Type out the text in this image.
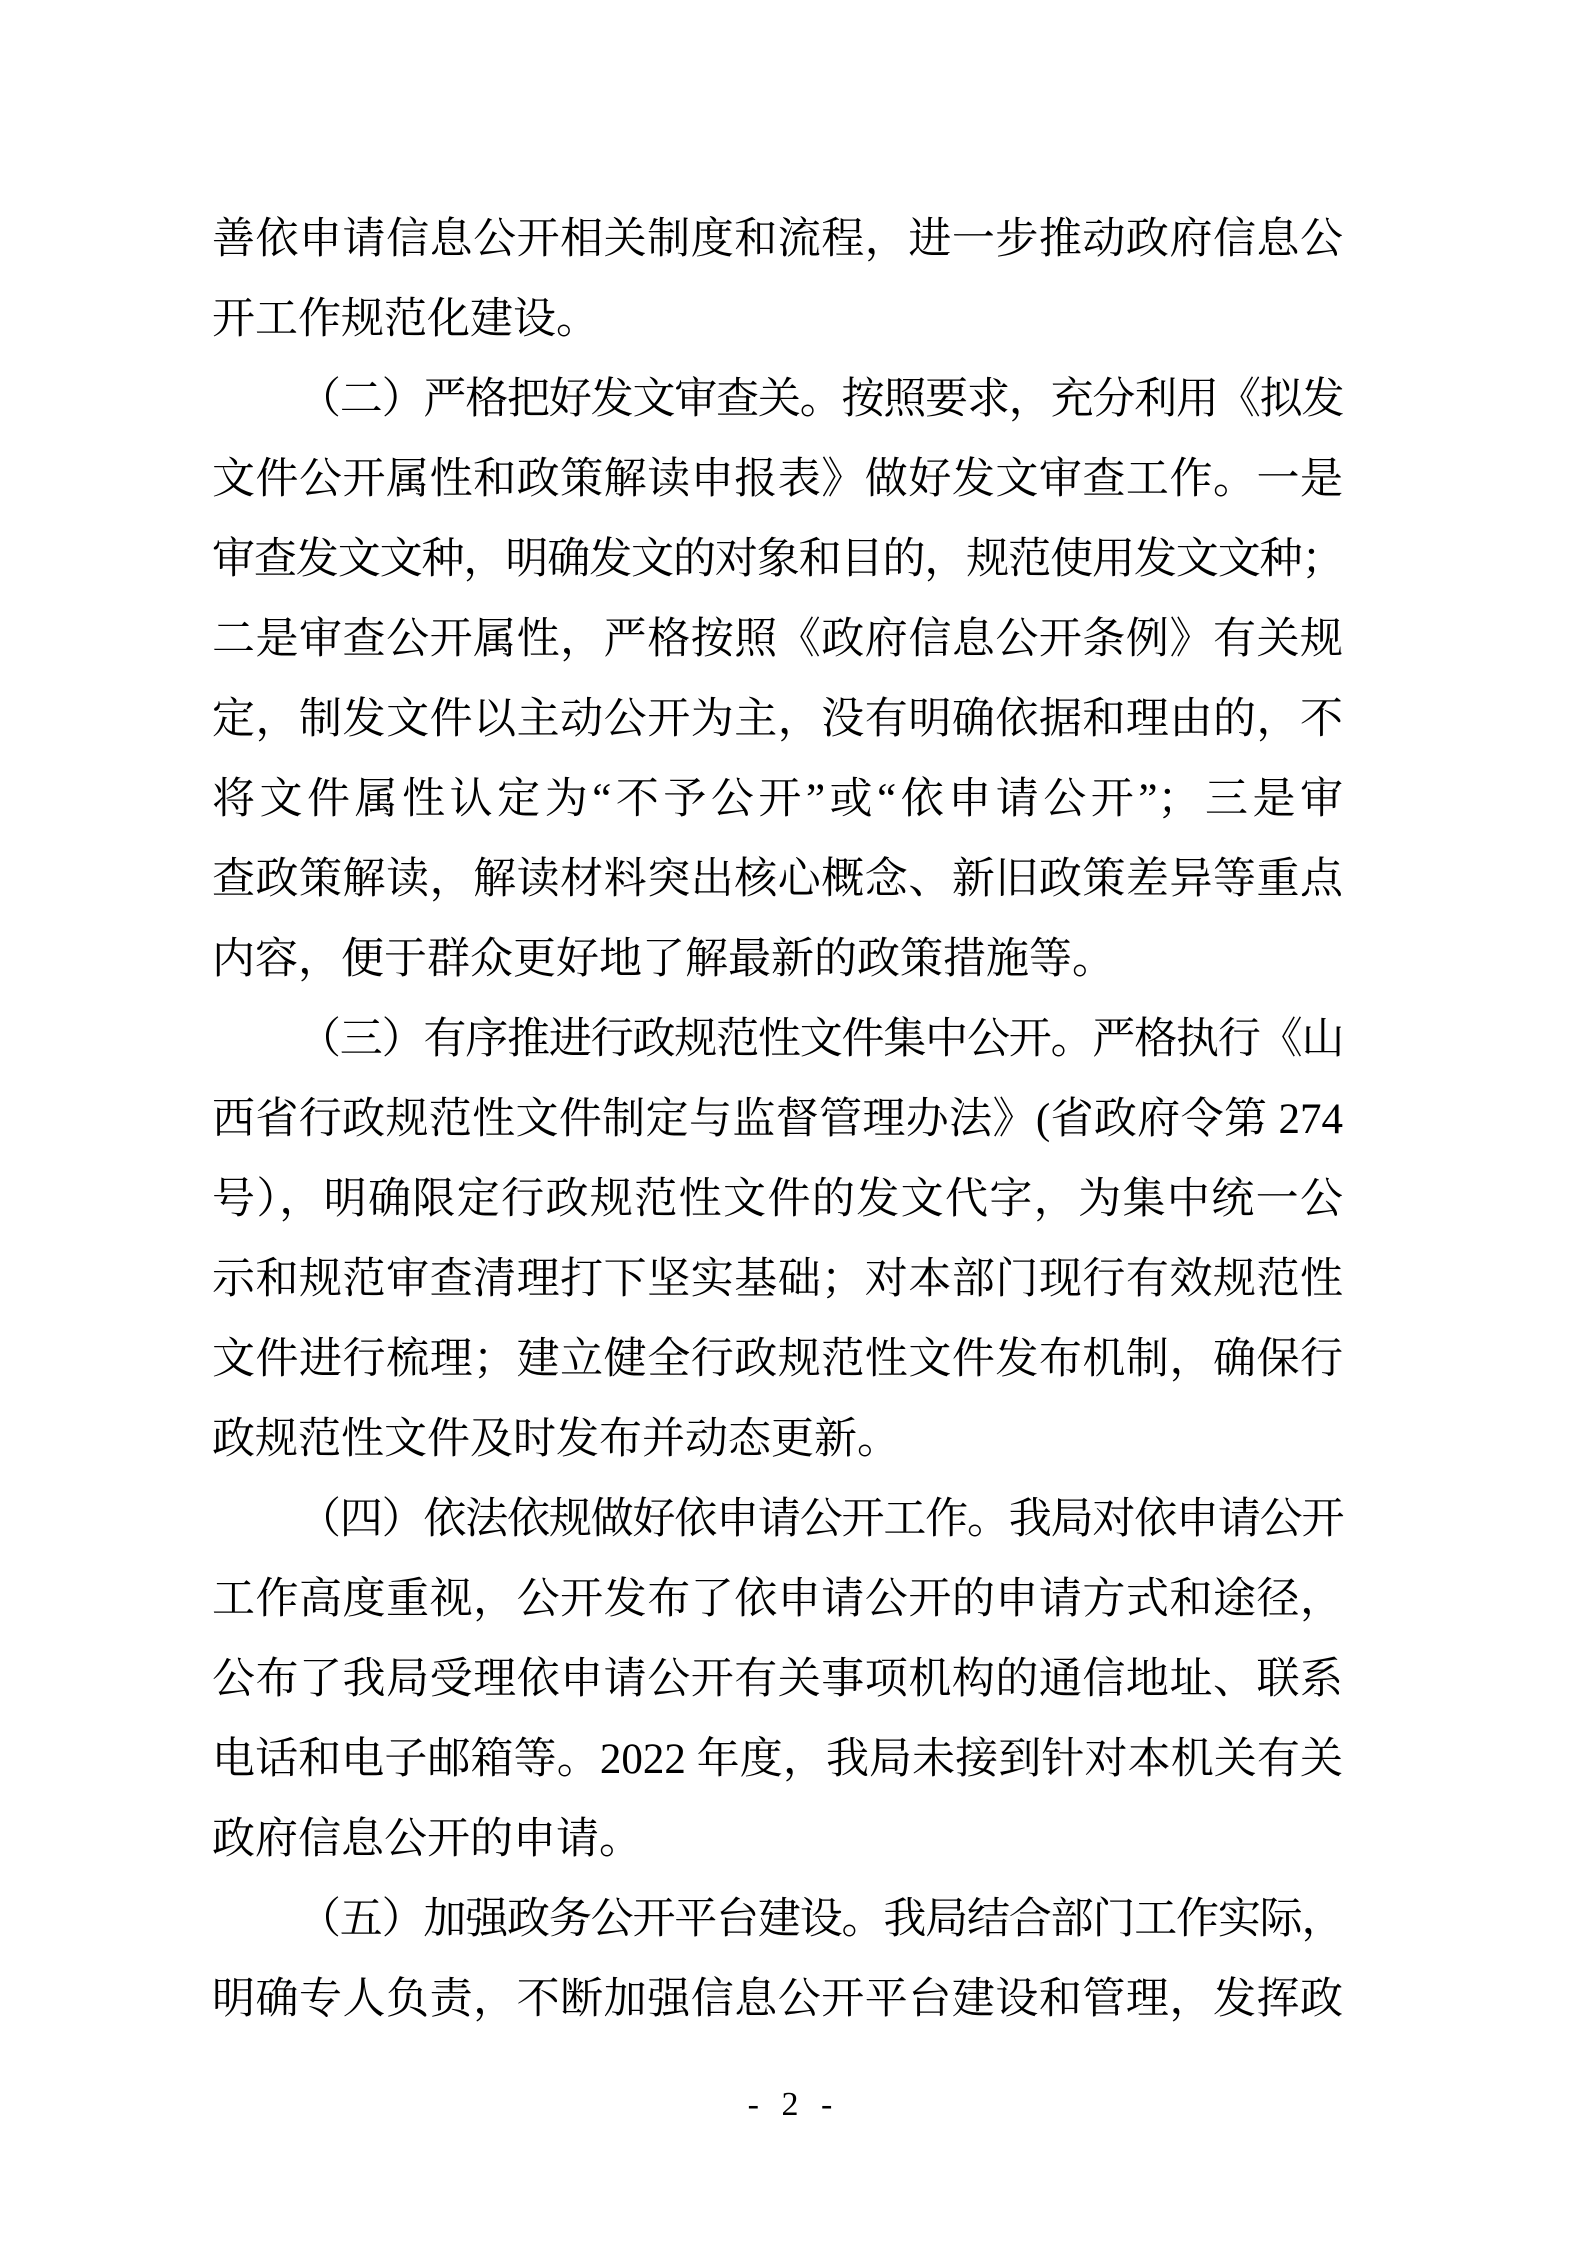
善依申请信息公开相关制度和流程，进一步推动政府信息公
开工作规范化建设。
（二）严格把好发文审查关。按照要求，充分利用《拟发
文件公开属性和政策解读申报表》做好发文审查工作。一是
审查发文文种，明确发文的对象和目的，规范使用发文文种；
二是审查公开属性，严格按照《政府信息公开条例》有关规
定，制发文件以主动公开为主，没有明确依据和理由的，不
将文件属性认定为“不予公开”或“依申请公开”；三是审
查政策解读，解读材料突出核心概念、新旧政策差异等重点
内容，便于群众更好地了解最新的政策措施等。
（三）有序推进行政规范性文件集中公开。严格执行《山
西省行政规范性文件制定与监督管理办法》(省政府令第 274
号），明确限定行政规范性文件的发文代字，为集中统一公
示和规范审查清理打下坚实基础；对本部门现行有效规范性
文件进行梳理；建立健全行政规范性文件发布机制，确保行
政规范性文件及时发布并动态更新。
（四）依法依规做好依申请公开工作。我局对依申请公开
工作高度重视，公开发布了依申请公开的申请方式和途径，
公布了我局受理依申请公开有关事项机构的通信地址、联系
电话和电子邮箱等。2022 年度，我局未接到针对本机关有关
政府信息公开的申请。
（五）加强政务公开平台建设。我局结合部门工作实际，
明确专人负责，不断加强信息公开平台建设和管理，发挥政
- 2 -
